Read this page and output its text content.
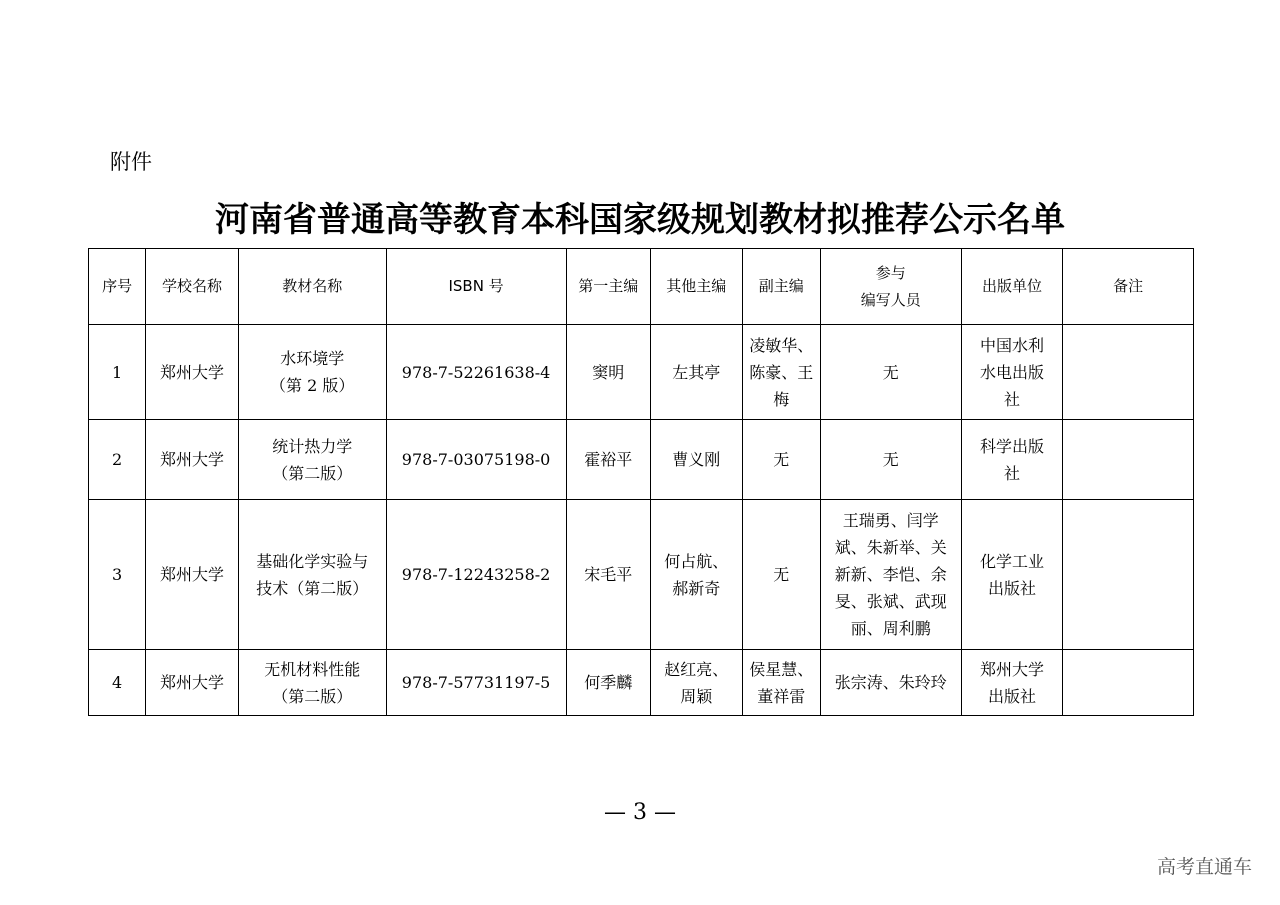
附件
河南省普通高等教育本科国家级规划教材拟推荐公示名单
序号	学校名称	教材名称	ISBN 号	第一主编	其他主编	副主编	参与
编写人员	出版单位	备注
1	郑州大学	水环境学
（第 2 版）	978-7-52261638-4	窦明	左其亭	凌敏华、
陈豪、王
梅	无	中国水利
水电出版
社	

2	郑州大学	统计热力学
（第二版）	978-7-03075198-0	霍裕平	曹义刚	无	无	科学出版
社	

3	郑州大学	基础化学实验与
技术（第二版）	978-7-12243258-2	宋毛平	何占航、
郝新奇	无	王瑞勇、闫学
斌、朱新举、关
新新、李恺、余
旻、张斌、武现
丽、周利鹏	化学工业
出版社	

4	郑州大学	无机材料性能
（第二版）	978-7-57731197-5	何季麟	赵红亮、
周颖	侯星慧、
董祥雷	张宗涛、朱玲玲	郑州大学
出版社	

— 3 —
高考直通车
